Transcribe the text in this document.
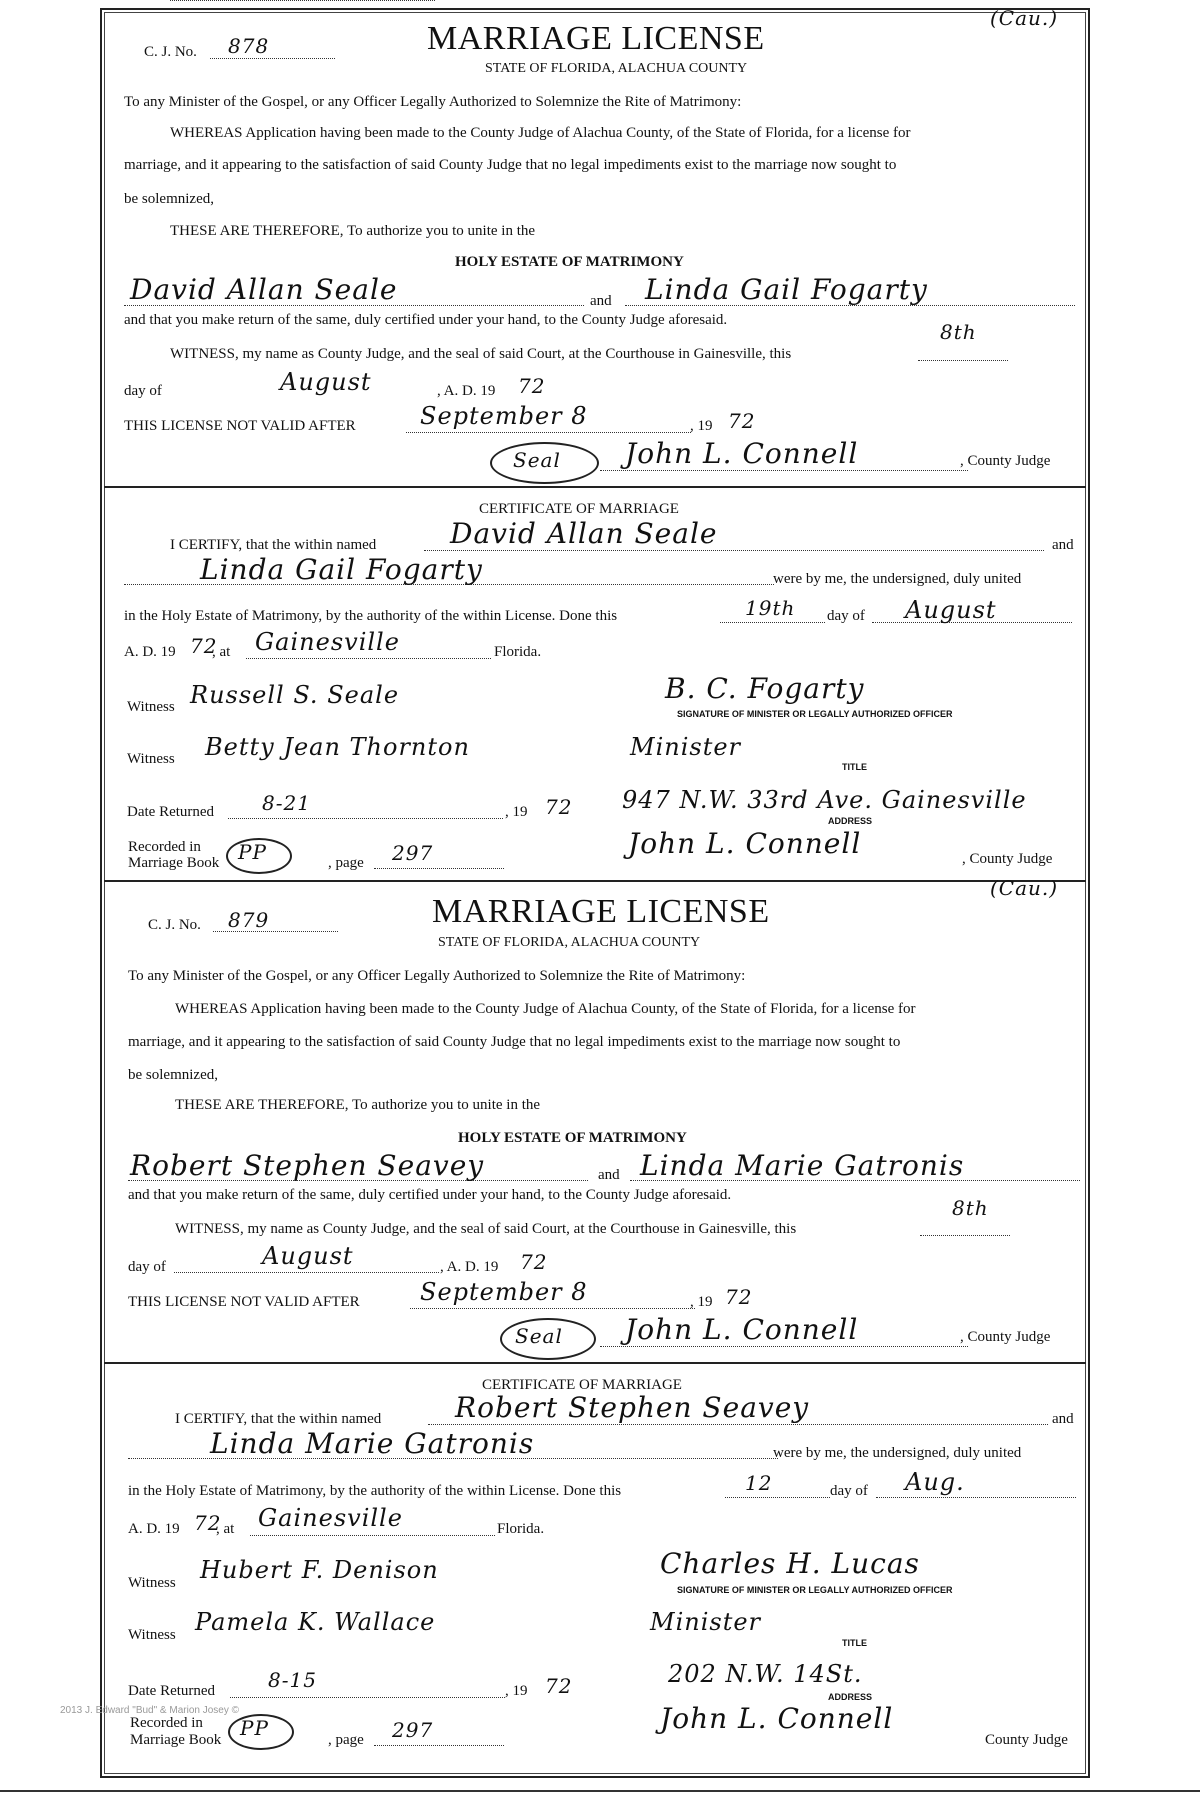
(Cau.)
C. J. No. 878	MARRIAGE LICENSE
STATE OF FLORIDA, ALACHUA COUNTY
To any Minister of the Gospel, or any Officer Legally Authorized to Solemnize the Rite of Matrimony:
WHEREAS Application having been made to the County Judge of Alachua County, of the State of Florida, for a license for
marriage, and it appearing to the satisfaction of said County Judge that no legal impediments exist to the marriage now sought to
be solemnized,
THESE ARE THEREFORE, To authorize you to unite in the
HOLY ESTATE OF MATRIMONY
David Allan Seale	and Linda Gail Fogarty
and that you make return of the same, duly certified under your hand, to the County Judge aforesaid.
WITNESS, my name as County Judge, and the seal of said Court, at the Courthouse in Gainesville, this
8th
day of	August	, A. D. 19 72
THIS LICENSE NOT VALID AFTER	September 8	, 19 72
Seal John L. Connell	, County Judge
CERTIFICATE OF MARRIAGE
I CERTIFY, that the within named	David Allan Seale	and
Linda Gail Fogarty	were by me, the undersigned, duly united
in the Holy Estate of Matrimony, by the authority of the within License. Done this	19th day of August
A. D. 19 72
, at Gainesville	Florida.
Witness Russell S. Seale	B. C. Fogarty
SIGNATURE OF MINISTER OR LEGALLY AUTHORIZED OFFICER
Witness Betty Jean Thornton	Minister
TITLE
Date Returned 8-21	, 19 72 947 N.W. 33rd Ave. Gainesville
ADDRESS
Recorded in
Marriage Book PP	, page 297	John L. Connell	, County Judge
(Cau.)
C. J. No. 879	MARRIAGE LICENSE
STATE OF FLORIDA, ALACHUA COUNTY
To any Minister of the Gospel, or any Officer Legally Authorized to Solemnize the Rite of Matrimony:
WHEREAS Application having been made to the County Judge of Alachua County, of the State of Florida, for a license for
marriage, and it appearing to the satisfaction of said County Judge that no legal impediments exist to the marriage now sought to
be solemnized,
THESE ARE THEREFORE, To authorize you to unite in the
HOLY ESTATE OF MATRIMONY
Robert Stephen Seavey	and Linda Marie Gatronis
and that you make return of the same, duly certified under your hand, to the County Judge aforesaid.
WITNESS, my name as County Judge, and the seal of said Court, at the Courthouse in Gainesville, this
8th
day of	August	, A. D. 19 72
THIS LICENSE NOT VALID AFTER	September 8	, 19 72
Seal John L. Connell	, County Judge
CERTIFICATE OF MARRIAGE
I CERTIFY, that the within named	Robert Stephen Seavey	and
Linda Marie Gatronis	were by me, the undersigned, duly united
in the Holy Estate of Matrimony, by the authority of the within License. Done this	12	day of Aug.
A. D. 19 72
, at Gainesville	Florida.
Witness Hubert F. Denison	Charles H. Lucas
SIGNATURE OF MINISTER OR LEGALLY AUTHORIZED OFFICER
Witness Pamela K. Wallace	Minister
TITLE
Date Returned	8-15	, 19 72	202 N.W. 14St.
ADDRESS
Recorded in
Marriage Book PP	, page 297	John L. Connell
County Judge
2013 J. Edward "Bud" & Marion Josey ©
